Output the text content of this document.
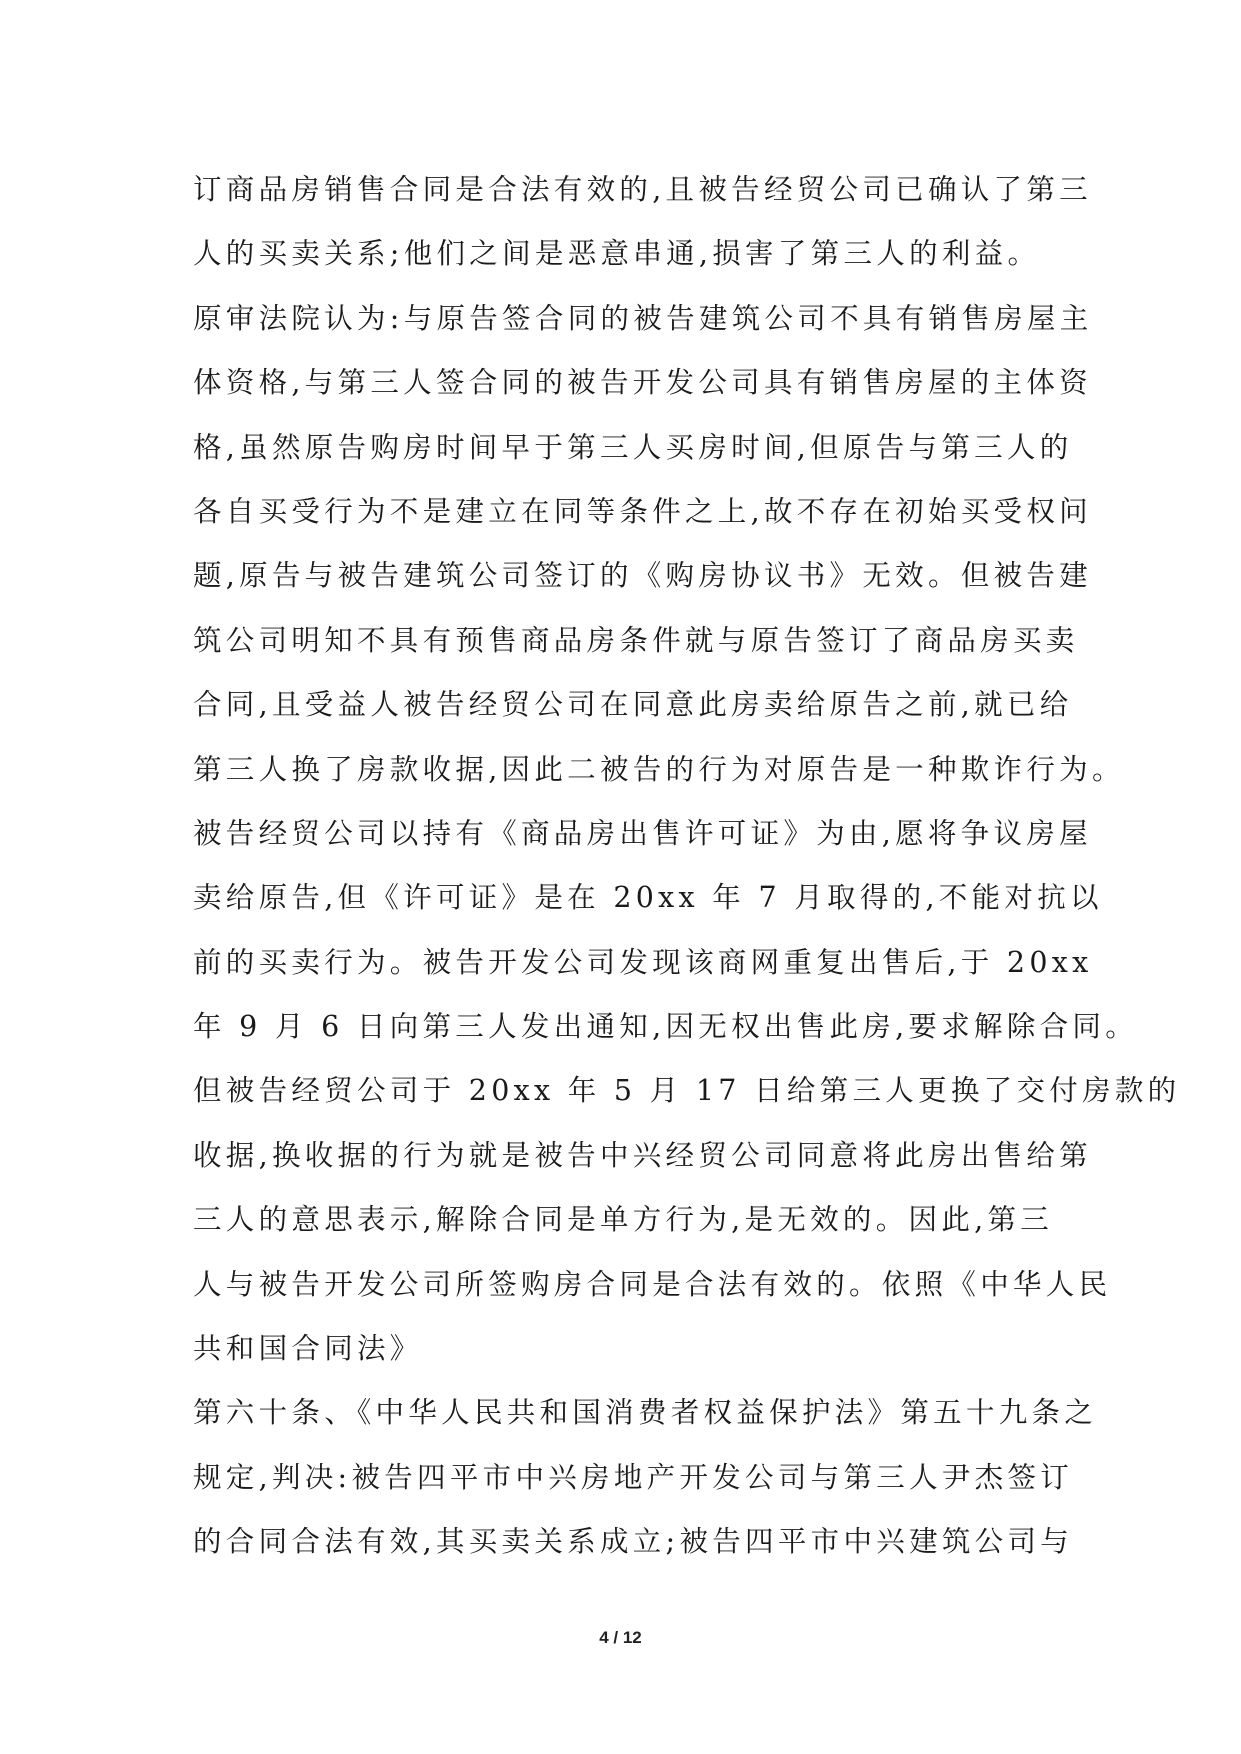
订商品房销售合同是合法有效的,且被告经贸公司已确认了第三
人的买卖关系;他们之间是恶意串通,损害了第三人的利益。
原审法院认为:与原告签合同的被告建筑公司不具有销售房屋主
体资格,与第三人签合同的被告开发公司具有销售房屋的主体资
格,虽然原告购房时间早于第三人买房时间,但原告与第三人的
各自买受行为不是建立在同等条件之上,故不存在初始买受权问
题,原告与被告建筑公司签订的《购房协议书》无效。但被告建
筑公司明知不具有预售商品房条件就与原告签订了商品房买卖
合同,且受益人被告经贸公司在同意此房卖给原告之前,就已给
第三人换了房款收据,因此二被告的行为对原告是一种欺诈行为。
被告经贸公司以持有《商品房出售许可证》为由,愿将争议房屋
卖给原告,但《许可证》是在 20xx 年 7 月取得的,不能对抗以
前的买卖行为。被告开发公司发现该商网重复出售后,于 20xx
年 9 月 6 日向第三人发出通知,因无权出售此房,要求解除合同。
但被告经贸公司于 20xx 年 5 月 17 日给第三人更换了交付房款的
收据,换收据的行为就是被告中兴经贸公司同意将此房出售给第
三人的意思表示,解除合同是单方行为,是无效的。因此,第三
人与被告开发公司所签购房合同是合法有效的。依照《中华人民
共和国合同法》
第六十条、《中华人民共和国消费者权益保护法》第五十九条之
规定,判决:被告四平市中兴房地产开发公司与第三人尹杰签订
的合同合法有效,其买卖关系成立;被告四平市中兴建筑公司与
4 / 12
